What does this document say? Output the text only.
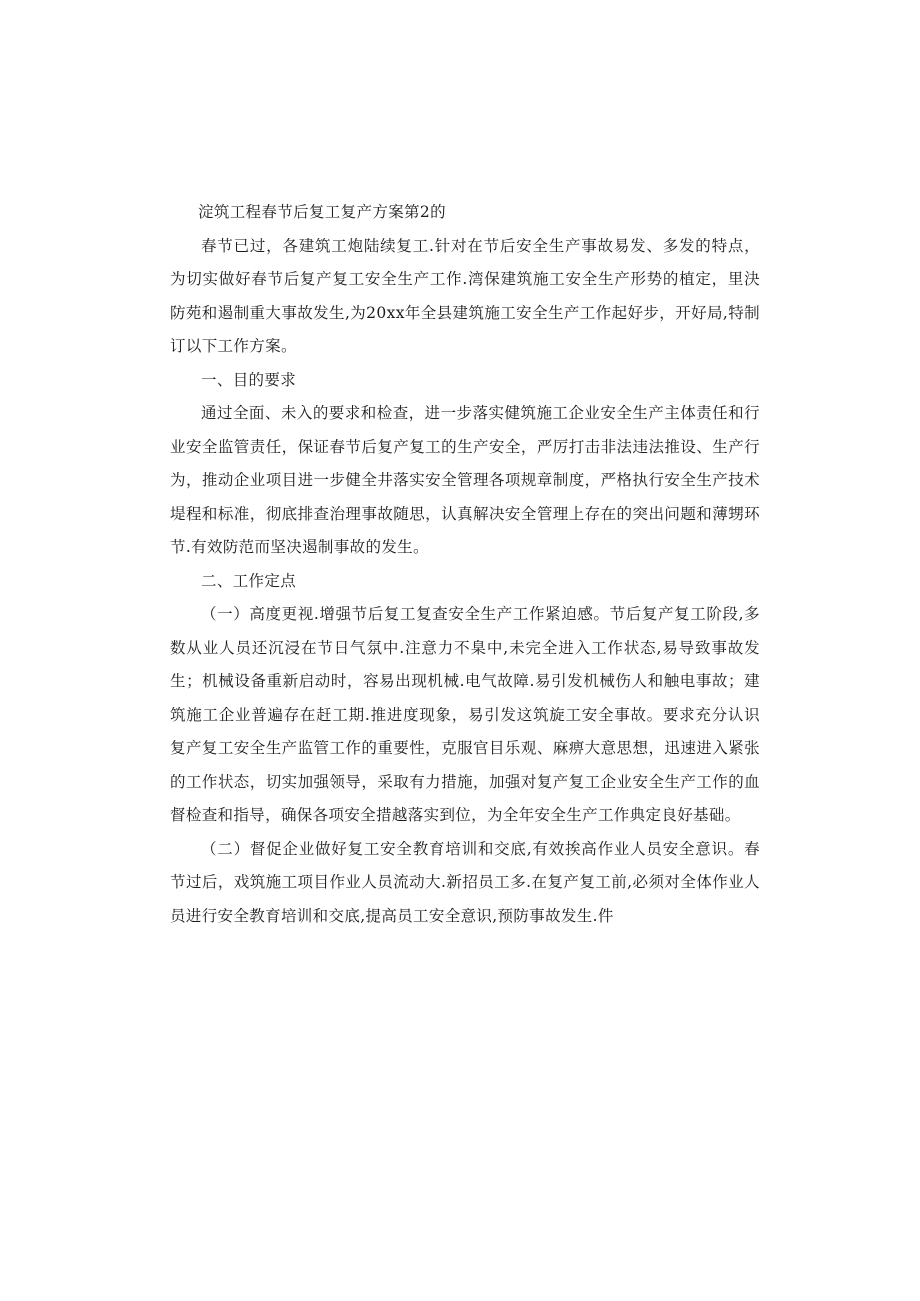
淀筑工程春节后复工复产方案第2的

春节已过，各建筑工炮陆续复工.针对在节后安全生产事故易发、多发的特点，为切实做好春节后复产复工安全生产工作.湾保建筑施工安全生产形势的植定，里決防苑和遏制重大事故发生,为20xx年全县建筑施工安全生产工作起好步，开好局,特制订以下工作方案。

一、目的要求

通过全面、未入的要求和检查，进一步落实健筑施工企业安全生产主体责任和行业安全监管责任，保证春节后复产复工的生产安全，严厉打击非法违法推设、生产行为，推动企业项目进一步健全井落实安全管理各项规章制度，严格执行安全生产技术堤程和标准，彻底排查治理事故随思，认真解决安全管理上存在的突出问题和薄甥环节.有效防范而坚决遏制事故的发生。

二、工作定点

（一）高度更视.增强节后复工复查安全生产工作紧迫感。节后复产复工阶段,多数从业人员还沉浸在节日气氛中.注意力不臬中,未完全进入工作状态,易导致事故发生；机械设备重新启动时，容易出现机械.电气故障.易引发机械伤人和触电事故；建筑施工企业普遍存在赶工期.推进度现象，易引发这筑旋工安全事故。要求充分认识复产复工安全生产监管工作的重要性，克服官目乐观、麻痹大意思想，迅速进入紧张的工作状态，切实加强领导，采取有力措施，加强对复产复工企业安全生产工作的血督检查和指导，确保各项安全措越落实到位，为全年安全生产工作典定良好基础。

（二）督促企业做好复工安全教育培训和交底,有效挨高作业人员安全意识。春节过后，戏筑施工项目作业人员流动大.新招员工多.在复产复工前,必须对全体作业人员进行安全教育培训和交底,提高员工安全意识,预防事故发生.件
